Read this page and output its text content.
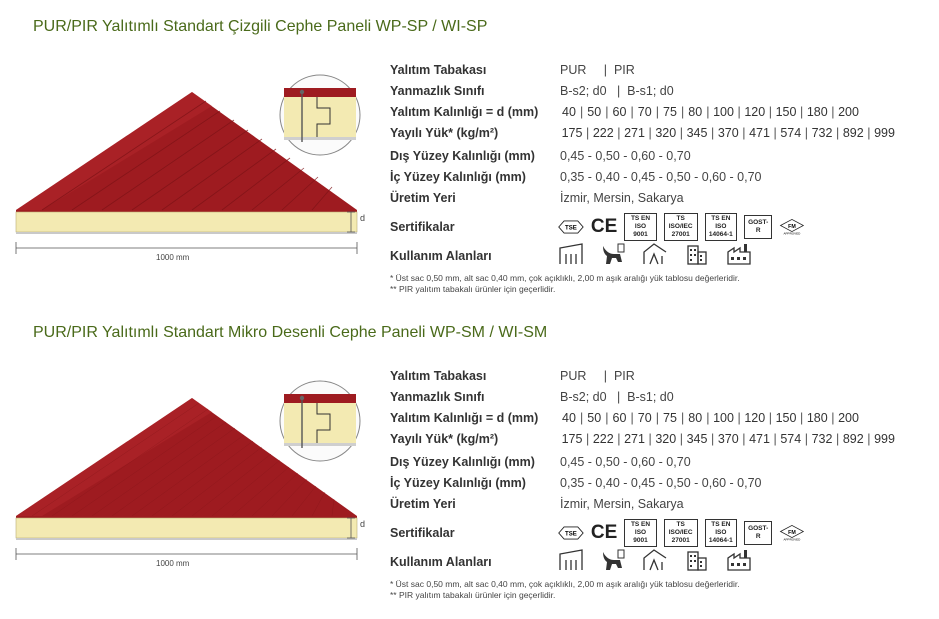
PUR/PIR Yalıtımlı Standart Çizgili Cephe Paneli WP-SP / WI-SP
d
1000 mm
Yalıtım Tabakası	PUR     |  PIR
Yanmazlık Sınıfı	B-s2; d0   |  B-s1; d0
Yalıtım Kalınlığı = d (mm) 40 | 50 | 60 | 70 | 75 | 80 | 100 | 120 | 150 | 180 | 200
Yayılı Yük* (kg/m²)	175 | 222 | 271 | 320 | 345 | 370 | 471 | 574 | 732 | 892 | 999
Dış Yüzey Kalınlığı (mm) 0,45 - 0,50 - 0,60 - 0,70
İç Yüzey Kalınlığı (mm)	0,35 - 0,40 - 0,45 - 0,50 - 0,60 - 0,70
Üretim Yeri	İzmir, Mersin, Sakarya
Sertifikalar	TSE CE	TS EN ISO
9001
TS ISO/IEC
27001
TS EN ISO
14064-1
GOST-R
FM
APPROVED
Kullanım Alanları
* Üst sac 0,50 mm, alt sac 0,40 mm, çok açıklıklı, 2,00 m aşık aralığı yük tablosu değerleridir.
** PIR yalıtım tabakalı ürünler için geçerlidir.
PUR/PIR Yalıtımlı Standart Mikro Desenli Cephe Paneli WP-SM / WI-SM
d
1000 mm
Yalıtım Tabakası	PUR     |  PIR
Yanmazlık Sınıfı	B-s2; d0   |  B-s1; d0
Yalıtım Kalınlığı = d (mm) 40 | 50 | 60 | 70 | 75 | 80 | 100 | 120 | 150 | 180 | 200
Yayılı Yük* (kg/m²)	175 | 222 | 271 | 320 | 345 | 370 | 471 | 574 | 732 | 892 | 999
Dış Yüzey Kalınlığı (mm) 0,45 - 0,50 - 0,60 - 0,70
İç Yüzey Kalınlığı (mm)	0,35 - 0,40 - 0,45 - 0,50 - 0,60 - 0,70
Üretim Yeri	İzmir, Mersin, Sakarya
Sertifikalar	TSE CE	TS EN ISO
9001
TS ISO/IEC
27001
TS EN ISO
14064-1
GOST-R
FM
APPROVED
Kullanım Alanları
* Üst sac 0,50 mm, alt sac 0,40 mm, çok açıklıklı, 2,00 m aşık aralığı yük tablosu değerleridir.
** PIR yalıtım tabakalı ürünler için geçerlidir.
